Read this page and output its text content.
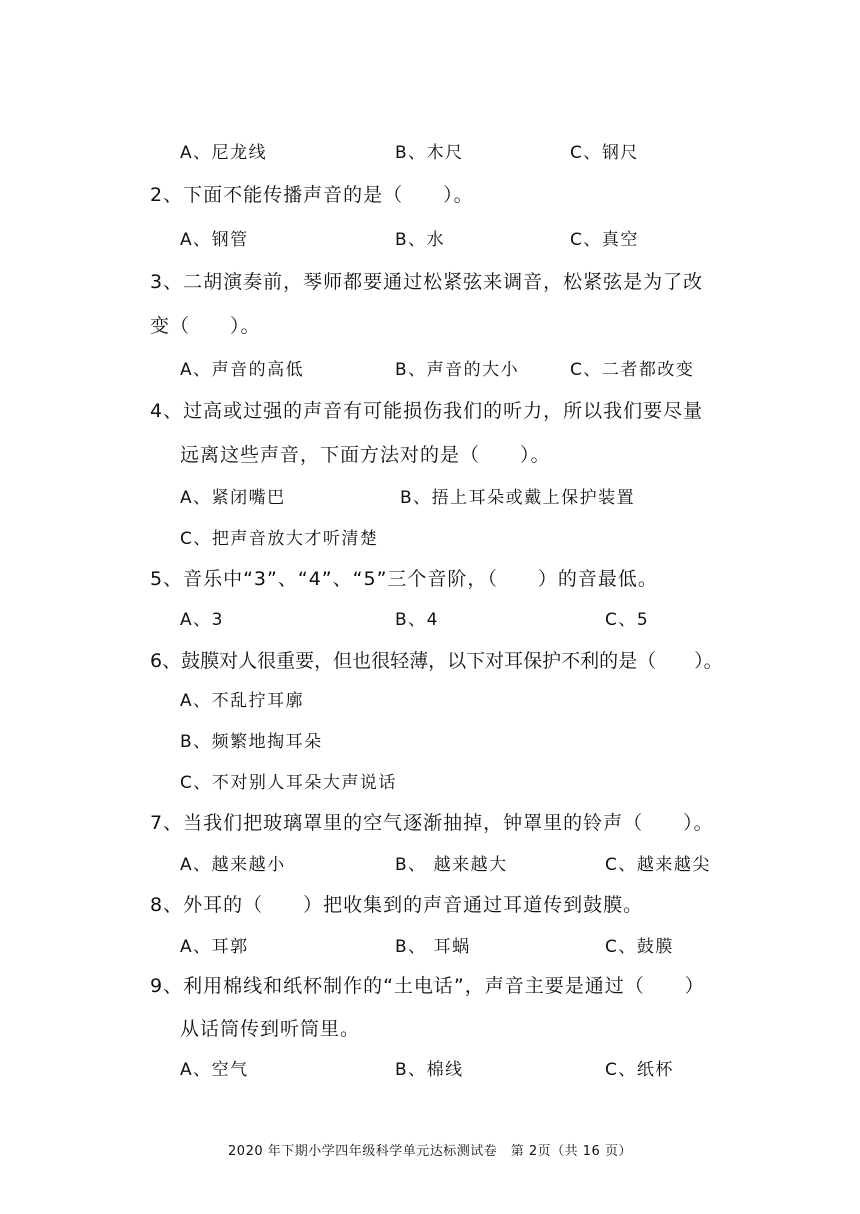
A、尼龙线	B、木尺	C、钢尺
2、下面不能传播声音的是（　　）。
A、钢管	B、水	C、真空
3、二胡演奏前，琴师都要通过松紧弦来调音，松紧弦是为了改
变（　　）。
A、声音的高低	B、声音的大小	C、二者都改变
4、过高或过强的声音有可能损伤我们的听力，所以我们要尽量
远离这些声音，下面方法对的是（　　）。
A、紧闭嘴巴	B、捂上耳朵或戴上保护装置
C、把声音放大才听清楚
5、音乐中“3”、“4”、“5”三个音阶，（　　）的音最低。
A、3	B、4	C、5
6、鼓膜对人很重要，但也很轻薄，以下对耳保护不利的是（　　）。
A、不乱拧耳廓
B、频繁地掏耳朵
C、不对别人耳朵大声说话
7、当我们把玻璃罩里的空气逐渐抽掉，钟罩里的铃声（　　）。
A、越来越小	B、 越来越大	C、越来越尖
8、外耳的（　　）把收集到的声音通过耳道传到鼓膜。
A、耳郭	B、 耳蜗	C、鼓膜
9、利用棉线和纸杯制作的“土电话”，声音主要是通过（　　）
从话筒传到听筒里。
A、空气	B、棉线	C、纸杯
2020 年下期小学四年级科学单元达标测试卷　第 2页（共 16 页）
